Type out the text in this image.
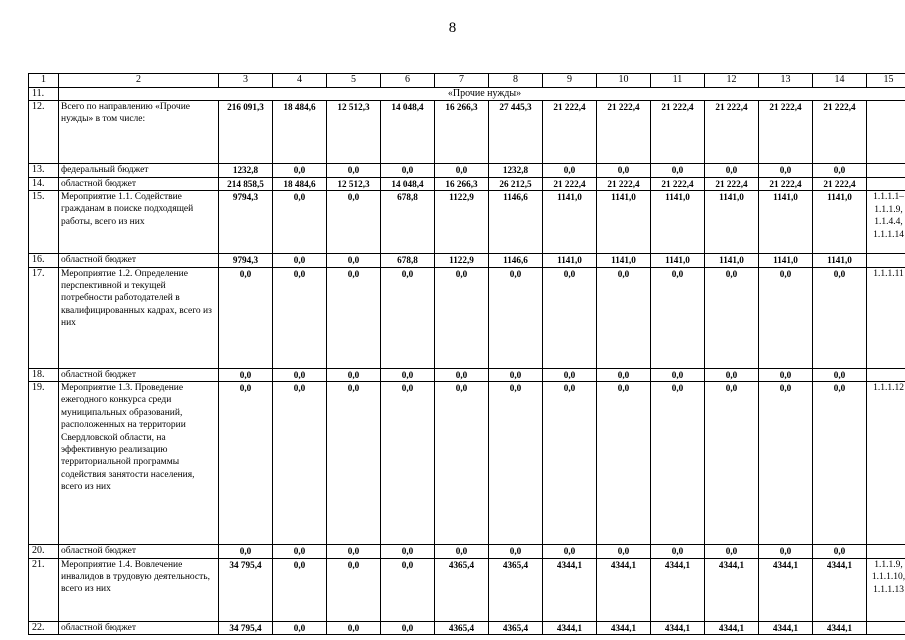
8
1	2	3	4	5	6	7	8	9	10	11	12	13	14	15
11.	«Прочие нужды»													
12.	Всего по направлению «Прочие нужды» в том числе:	216 091,3	18 484,6	12 512,3	14 048,4	16 266,3	27 445,3	21 222,4	21 222,4	21 222,4	21 222,4	21 222,4	21 222,4	
13.	федеральный бюджет	1232,8	0,0	0,0	0,0	0,0	1232,8	0,0	0,0	0,0	0,0	0,0	0,0	
14.	областной бюджет	214 858,5	18 484,6	12 512,3	14 048,4	16 266,3	26 212,5	21 222,4	21 222,4	21 222,4	21 222,4	21 222,4	21 222,4	
15.	Мероприятие 1.1. Содействие гражданам в поиске подходящей работы, всего из них	9794,3	0,0	0,0	678,8	1122,9	1146,6	1141,0	1141,0	1141,0	1141,0	1141,0	1141,0	1.1.1.1– 1.1.1.9, 1.1.4.4, 1.1.1.14
16.	областной бюджет	9794,3	0,0	0,0	678,8	1122,9	1146,6	1141,0	1141,0	1141,0	1141,0	1141,0	1141,0	
17.	Мероприятие 1.2. Определение перспективной и текущей потребности работодателей в квалифицированных кадрах, всего из них	0,0	0,0	0,0	0,0	0,0	0,0	0,0	0,0	0,0	0,0	0,0	0,0	1.1.1.11
18.	областной бюджет	0,0	0,0	0,0	0,0	0,0	0,0	0,0	0,0	0,0	0,0	0,0	0,0	
19.	Мероприятие 1.3. Проведение ежегодного конкурса среди муниципальных образований, расположенных на территории Свердловской области, на эффективную реализацию территориальной программы содействия занятости населения, всего из них	0,0	0,0	0,0	0,0	0,0	0,0	0,0	0,0	0,0	0,0	0,0	0,0	1.1.1.12
20.	областной бюджет	0,0	0,0	0,0	0,0	0,0	0,0	0,0	0,0	0,0	0,0	0,0	0,0	
21.	Мероприятие 1.4. Вовлечение инвалидов в трудовую деятельность, всего из них	34 795,4	0,0	0,0	0,0	4365,4	4365,4	4344,1	4344,1	4344,1	4344,1	4344,1	4344,1	1.1.1.9, 1.1.1.10, 1.1.1.13
22.	областной бюджет	34 795,4	0,0	0,0	0,0	4365,4	4365,4	4344,1	4344,1	4344,1	4344,1	4344,1	4344,1	
